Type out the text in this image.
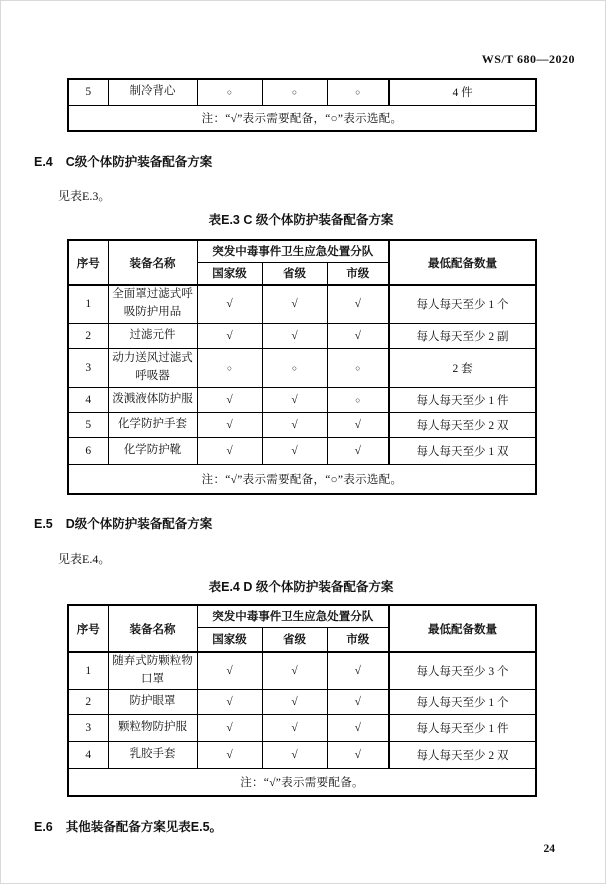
WS/T 680—2020
5	制冷背心	○	○	○	4 件
注：“√”表示需要配备，“○”表示选配。
E.4 C级个体防护装备配备方案
见表E.3。
表E.3 C 级个体防护装备配备方案
序号	装备名称	突发中毒事件卫生应急处置分队			最低配备数量
		国家级	省级	市级	
1	全面罩过滤式呼吸防护用品	√	√	√	每人每天至少 1 个
2	过滤元件	√	√	√	每人每天至少 2 副
3	动力送风过滤式呼吸器	○	○	○	2 套
4	泼溅液体防护服	√	√	○	每人每天至少 1 件
5	化学防护手套	√	√	√	每人每天至少 2 双
6	化学防护靴	√	√	√	每人每天至少 1 双
注：“√”表示需要配备，“○”表示选配。					
E.5 D级个体防护装备配备方案
见表E.4。
表E.4 D 级个体防护装备配备方案
序号	装备名称	突发中毒事件卫生应急处置分队			最低配备数量
		国家级	省级	市级	
1	随弃式防颗粒物口罩	√	√	√	每人每天至少 3 个
2	防护眼罩	√	√	√	每人每天至少 1 个
3	颗粒物防护服	√	√	√	每人每天至少 1 件
4	乳胶手套	√	√	√	每人每天至少 2 双
注：“√”表示需要配备。					
E.6 其他装备配备方案见表E.5。
24
